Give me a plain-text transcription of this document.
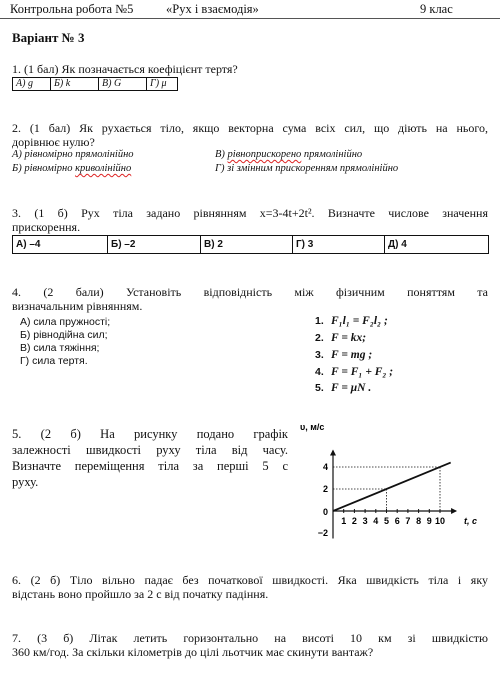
Контрольна робота №5	«Рух і взаємодія»	9 клас
Варіант № 3
1. (1 бал) Як позначається коефіцієнт тертя?
А) g	Б) k	В) G	Г) μ
2. (1 бал) Як рухається тіло, якщо векторна сума всіх сил, що діють на нього,
дорівнює нулю?
А) рівномірно прямолінійно
Б) рівномірно криволінійно
В) рівноприскорено прямолінійно
Г) зі змінним прискоренням прямолінійно
3. (1 б) Рух тіла задано рівнянням х=3-4t+2t². Визначте числове значення
прискорення.
А) –4	Б) –2	В) 2	Г) 3	Д) 4
4. (2 бали) Установіть відповідність між фізичним поняттям та
визначальним рівнянням.
А) сила пружності;
Б) рівнодійна сил;
В) сила тяжіння;
Г) сила тертя.
1. F₁l₁ = F₂l₂ ;
2. F = kx;
3. F = mg ;
4. F = F₁ + F₂ ;
5. F = μN .
5. (2 б) На рисунку подано графік
залежності швидкості руху тіла від часу.
Визначте переміщення тіла за перші 5 с
руху.
1 2 3 4 5 6 7 8 9 10
4
2
0
−2
υ, м/с
t, c
6. (2 б) Тіло вільно падає без початкової швидкості. Яка швидкість тіла і яку
відстань воно пройшло за 2 с від початку падіння.
7. (3 б) Літак летить горизонтально на висоті 10 км зі швидкістю
360 км/год. За скільки кілометрів до цілі льотчик має скинути вантаж?
